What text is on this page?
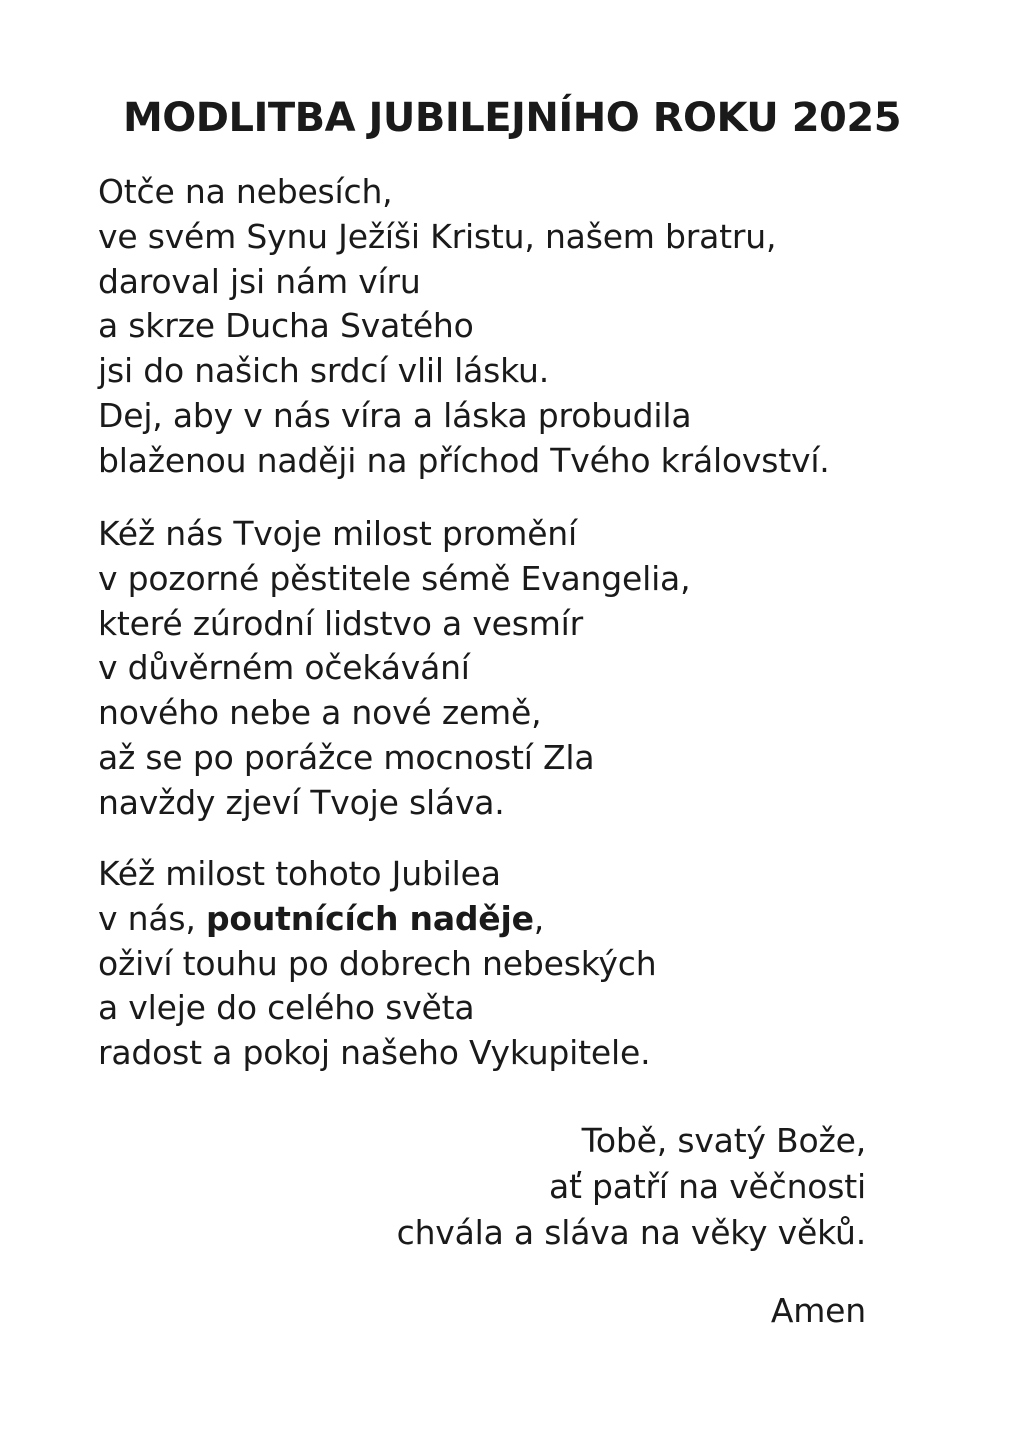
MODLITBA JUBILEJNÍHO ROKU 2025

Otče na nebesích,
ve svém Synu Ježíši Kristu, našem bratru,
daroval jsi nám víru
a skrze Ducha Svatého
jsi do našich srdcí vlil lásku.
Dej, aby v nás víra a láska probudila
blaženou naději na příchod Tvého království.

Kéž nás Tvoje milost promění
v pozorné pěstitele sémě Evangelia,
které zúrodní lidstvo a vesmír
v důvěrném očekávání
nového nebe a nové země,
až se po porážce mocností Zla
navždy zjeví Tvoje sláva.

Kéž milost tohoto Jubilea
v nás, poutnících naděje,
oživí touhu po dobrech nebeských
a vleje do celého světa
radost a pokoj našeho Vykupitele.

Tobě, svatý Bože,
ať patří na věčnosti
chvála a sláva na věky věků.

Amen
